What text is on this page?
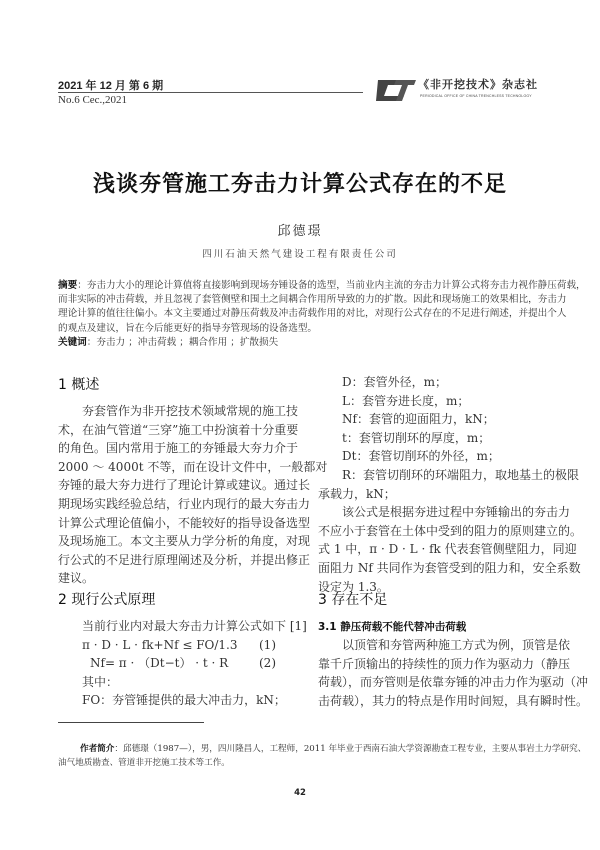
2021 年 12 月 第 6 期
No.6 Cec.,2021
《非开挖技术》杂志社
PERIODICAL OFFICE OF CHINA TRENCHLESS TECHNOLOGY
浅谈夯管施工夯击力计算公式存在的不足
邱德璟
四川石油天然气建设工程有限责任公司
摘要：夯击力大小的理论计算值将直接影响到现场夯锤设备的选型，当前业内主流的夯击力计算公式将夯击力视作静压荷载，
而非实际的冲击荷载，并且忽视了套管侧壁和围土之间耦合作用所导致的力的扩散。因此和现场施工的效果相比，夯击力
理论计算的值往往偏小。本文主要通过对静压荷载及冲击荷载作用的对比，对现行公式存在的不足进行阐述，并提出个人
的观点及建议，旨在今后能更好的指导夯管现场的设备选型。
关键词：夯击力 ；冲击荷载 ；耦合作用 ；扩散损失
1 概述
夯套管作为非开挖技术领域常规的施工技
术，在油气管道“三穿”施工中扮演着十分重要
的角色。国内常用于施工的夯锤最大夯力介于
2000 ～ 4000t 不等，而在设计文件中，一般都对
夯锤的最大夯力进行了理论计算或建议。通过长
期现场实践经验总结，行业内现行的最大夯击力
计算公式理论值偏小，不能较好的指导设备选型
及现场施工。本文主要从力学分析的角度，对现
行公式的不足进行原理阐述及分析，并提出修正
建议。
2 现行公式原理
当前行业内对最大夯击力计算公式如下 [1]
π · D · L · fk+Nf ≤ FO/1.3 (1)
Nf= π · （Dt−t） · t · R	(2)
其中：
FO：夯管锤提供的最大冲击力，kN；
D：套管外径，m；
L：套管夯进长度，m；
Nf：套管的迎面阻力，kN；
t：套管切削环的厚度，m；
Dt：套管切削环的外径，m；
R：套管切削环的环端阻力，取地基土的极限
承载力，kN；
该公式是根据夯进过程中夯锤输出的夯击力
不应小于套管在土体中受到的阻力的原则建立的。
式 1 中，π · D · L · fk 代表套管侧壁阻力，同迎
面阻力 Nf 共同作为套管受到的阻力和，安全系数
设定为 1.3。
3 存在不足
3.1 静压荷载不能代替冲击荷载
以顶管和夯管两种施工方式为例，顶管是依
靠千斤顶输出的持续性的顶力作为驱动力（静压
荷载），而夯管则是依靠夯锤的冲击力作为驱动（冲
击荷载），其力的特点是作用时间短，具有瞬时性。
作者简介：邱德璟（1987—），男，四川隆昌人，工程师，2011 年毕业于西南石油大学资源勘查工程专业，主要从事岩土力学研究、
油气地质勘查、管道非开挖施工技术等工作。
42
